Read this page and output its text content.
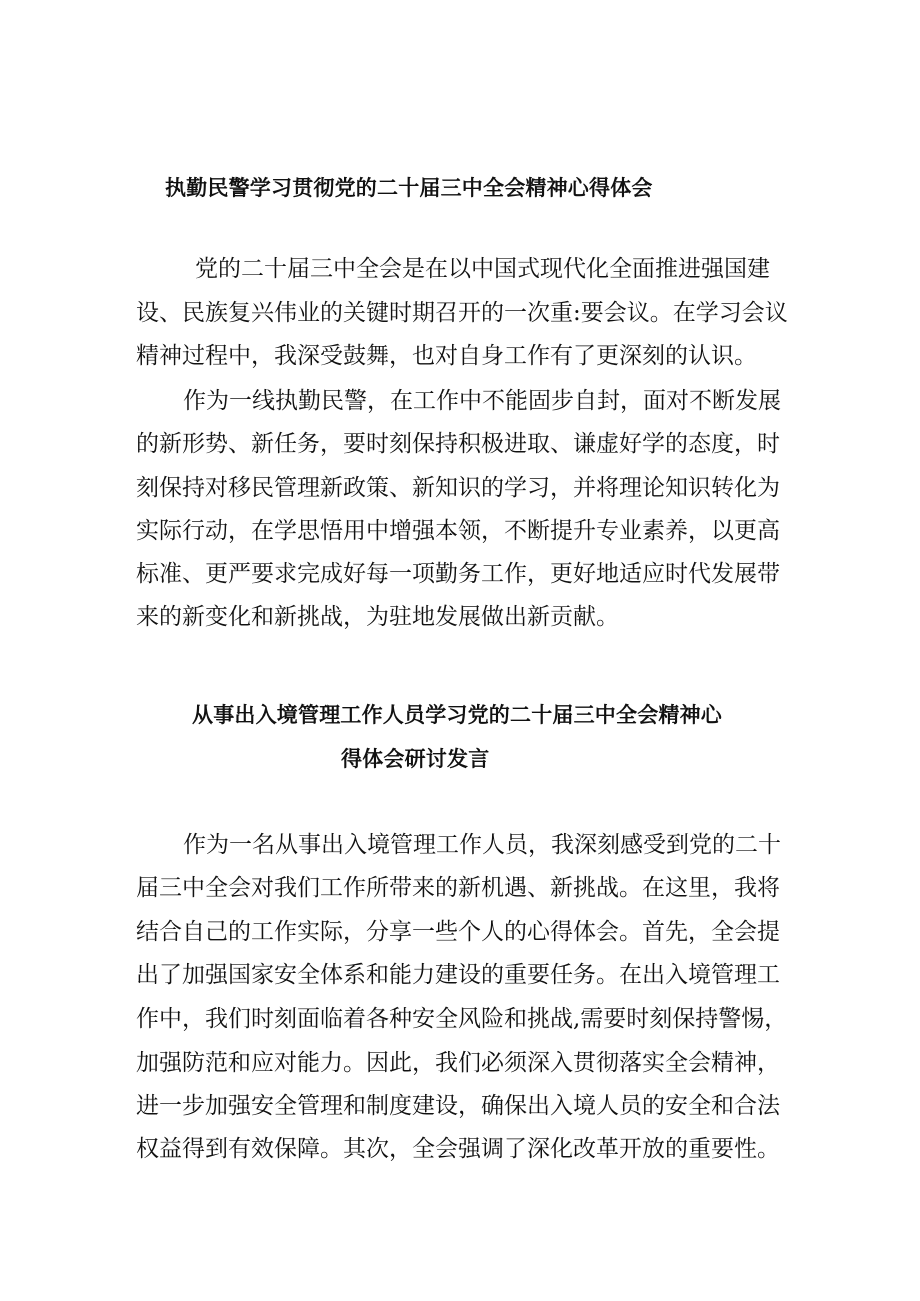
执勤民警学习贯彻党的二十届三中全会精神心得体会

党的二十届三中全会是在以中国式现代化全面推进强国建

设、民族复兴伟业的关键时期召开的一次重:要会议。在学习会议

精神过程中，我深受鼓舞，也对自身工作有了更深刻的认识。

作为一线执勤民警，在工作中不能固步自封，面对不断发展

的新形势、新任务，要时刻保持积极进取、谦虚好学的态度，时

刻保持对移民管理新政策、新知识的学习，并将理论知识转化为

实际行动，在学思悟用中增强本领，不断提升专业素养，以更高

标准、更严要求完成好每一项勤务工作，更好地适应时代发展带

来的新变化和新挑战，为驻地发展做出新贡献。

从事出入境管理工作人员学习党的二十届三中全会精神心
得体会研讨发言

作为一名从事出入境管理工作人员，我深刻感受到党的二十

届三中全会对我们工作所带来的新机遇、新挑战。在这里，我将

结合自己的工作实际，分享一些个人的心得体会。首先，全会提

出了加强国家安全体系和能力建设的重要任务。在出入境管理工

作中，我们时刻面临着各种安全风险和挑战,需要时刻保持警惕，

加强防范和应对能力。因此，我们必须深入贯彻落实全会精神，

进一步加强安全管理和制度建设，确保出入境人员的安全和合法

权益得到有效保障。其次，全会强调了深化改革开放的重要性。
